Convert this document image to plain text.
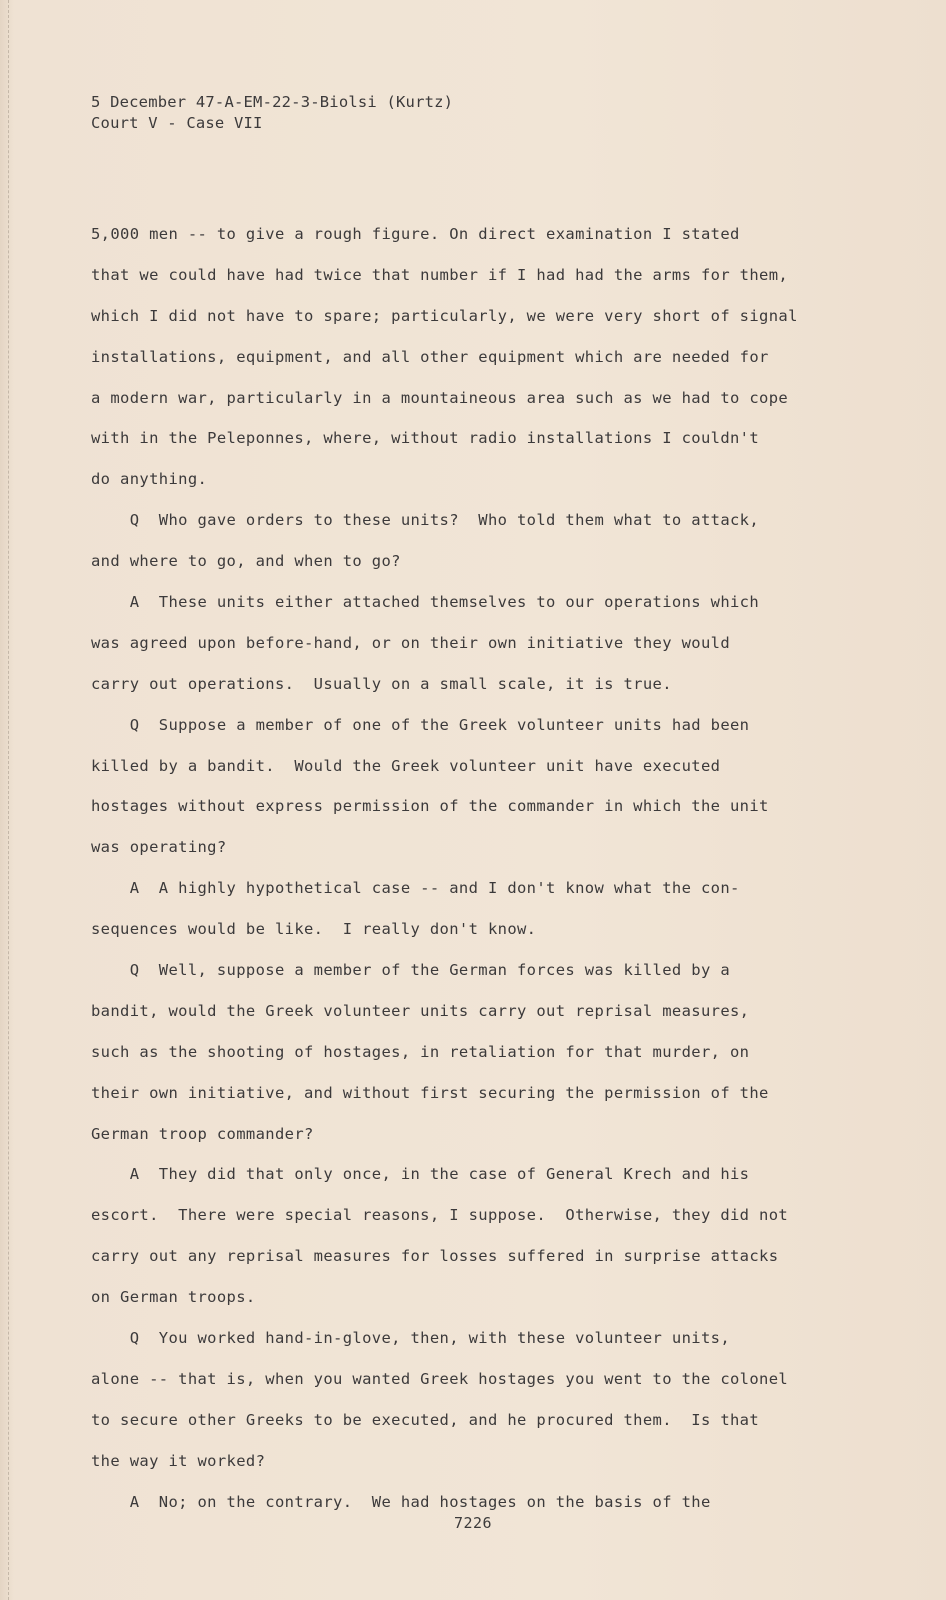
5 December 47-A-EM-22-3-Biolsi (Kurtz)
Court V - Case VII
5,000 men -- to give a rough figure. On direct examination I stated
that we could have had twice that number if I had had the arms for them,
which I did not have to spare; particularly, we were very short of signal
installations, equipment, and all other equipment which are needed for
a modern war, particularly in a mountaineous area such as we had to cope
with in the Peleponnes, where, without radio installations I couldn't
do anything.
Q  Who gave orders to these units?  Who told them what to attack,
and where to go, and when to go?
A  These units either attached themselves to our operations which
was agreed upon before-hand, or on their own initiative they would
carry out operations.  Usually on a small scale, it is true.
Q  Suppose a member of one of the Greek volunteer units had been
killed by a bandit.  Would the Greek volunteer unit have executed
hostages without express permission of the commander in which the unit
was operating?
A  A highly hypothetical case -- and I don't know what the con-
sequences would be like.  I really don't know.
Q  Well, suppose a member of the German forces was killed by a
bandit, would the Greek volunteer units carry out reprisal measures,
such as the shooting of hostages, in retaliation for that murder, on
their own initiative, and without first securing the permission of the
German troop commander?
A  They did that only once, in the case of General Krech and his
escort.  There were special reasons, I suppose.  Otherwise, they did not
carry out any reprisal measures for losses suffered in surprise attacks
on German troops.
Q  You worked hand-in-glove, then, with these volunteer units,
alone -- that is, when you wanted Greek hostages you went to the colonel
to secure other Greeks to be executed, and he procured them.  Is that
the way it worked?
A  No; on the contrary.  We had hostages on the basis of the
7226
